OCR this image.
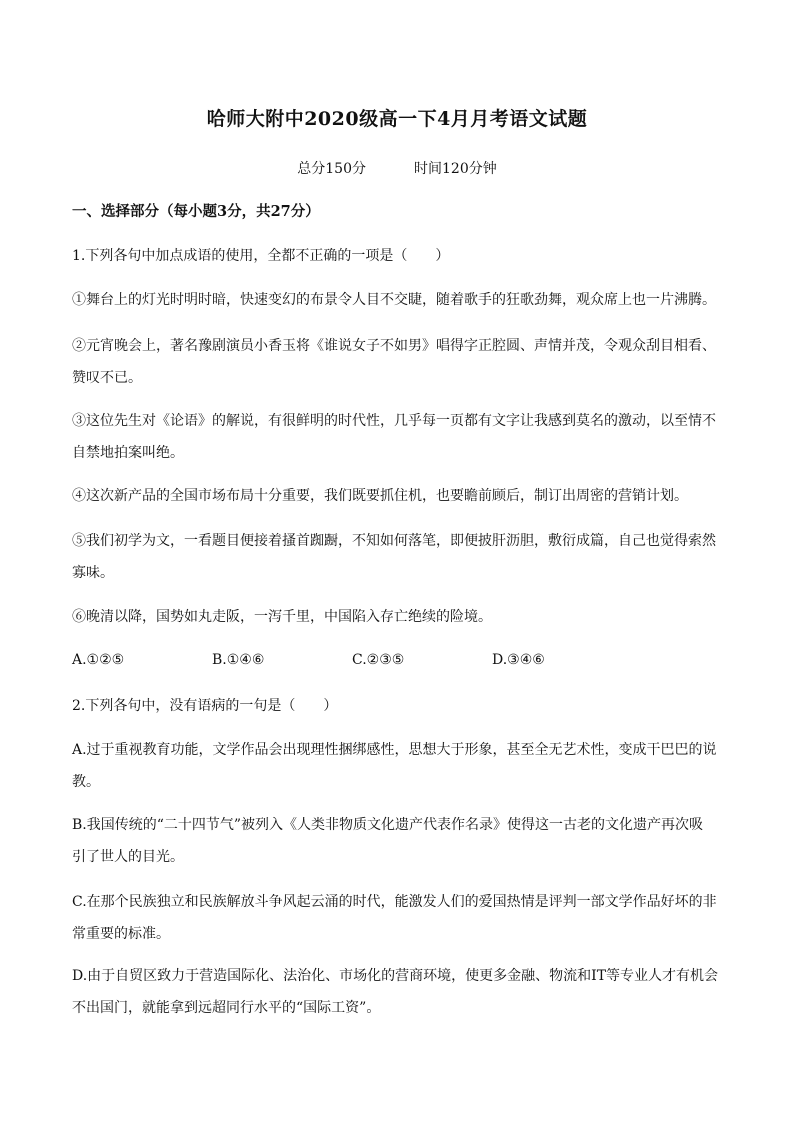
哈师大附中2020级高一下4月月考语文试题
总分150分	时间120分钟
一、选择部分（每小题3分，共27分）
1.下列各句中加点成语的使用，全都不正确的一项是（　　）
①舞台上的灯光时明时暗，快速变幻的布景令人目不交睫，随着歌手的狂歌劲舞，观众席上也一片沸腾。
②元宵晚会上，著名豫剧演员小香玉将《谁说女子不如男》唱得字正腔圆、声情并茂，令观众刮目相看、
赞叹不已。
③这位先生对《论语》的解说，有很鲜明的时代性，几乎每一页都有文字让我感到莫名的激动，以至情不
自禁地拍案叫绝。
④这次新产品的全国市场布局十分重要，我们既要抓住机，也要瞻前顾后，制订出周密的营销计划。
⑤我们初学为文，一看题目便接着搔首踟蹰，不知如何落笔，即便披肝沥胆，敷衍成篇，自己也觉得索然
寡味。
⑥晚清以降，国势如丸走阪，一泻千里，中国陷入存亡绝续的险境。
A.①②⑤	B.①④⑥	C.②③⑤	D.③④⑥
2.下列各句中，没有语病的一句是（　　）
A.过于重视教育功能，文学作品会出现理性捆绑感性，思想大于形象，甚至全无艺术性，变成干巴巴的说
教。
B.我国传统的“二十四节气”被列入《人类非物质文化遗产代表作名录》使得这一古老的文化遗产再次吸
引了世人的目光。
C.在那个民族独立和民族解放斗争风起云涌的时代，能激发人们的爱国热情是评判一部文学作品好坏的非
常重要的标准。
D.由于自贸区致力于营造国际化、法治化、市场化的营商环境，使更多金融、物流和IT等专业人才有机会
不出国门，就能拿到远超同行水平的“国际工资”。
